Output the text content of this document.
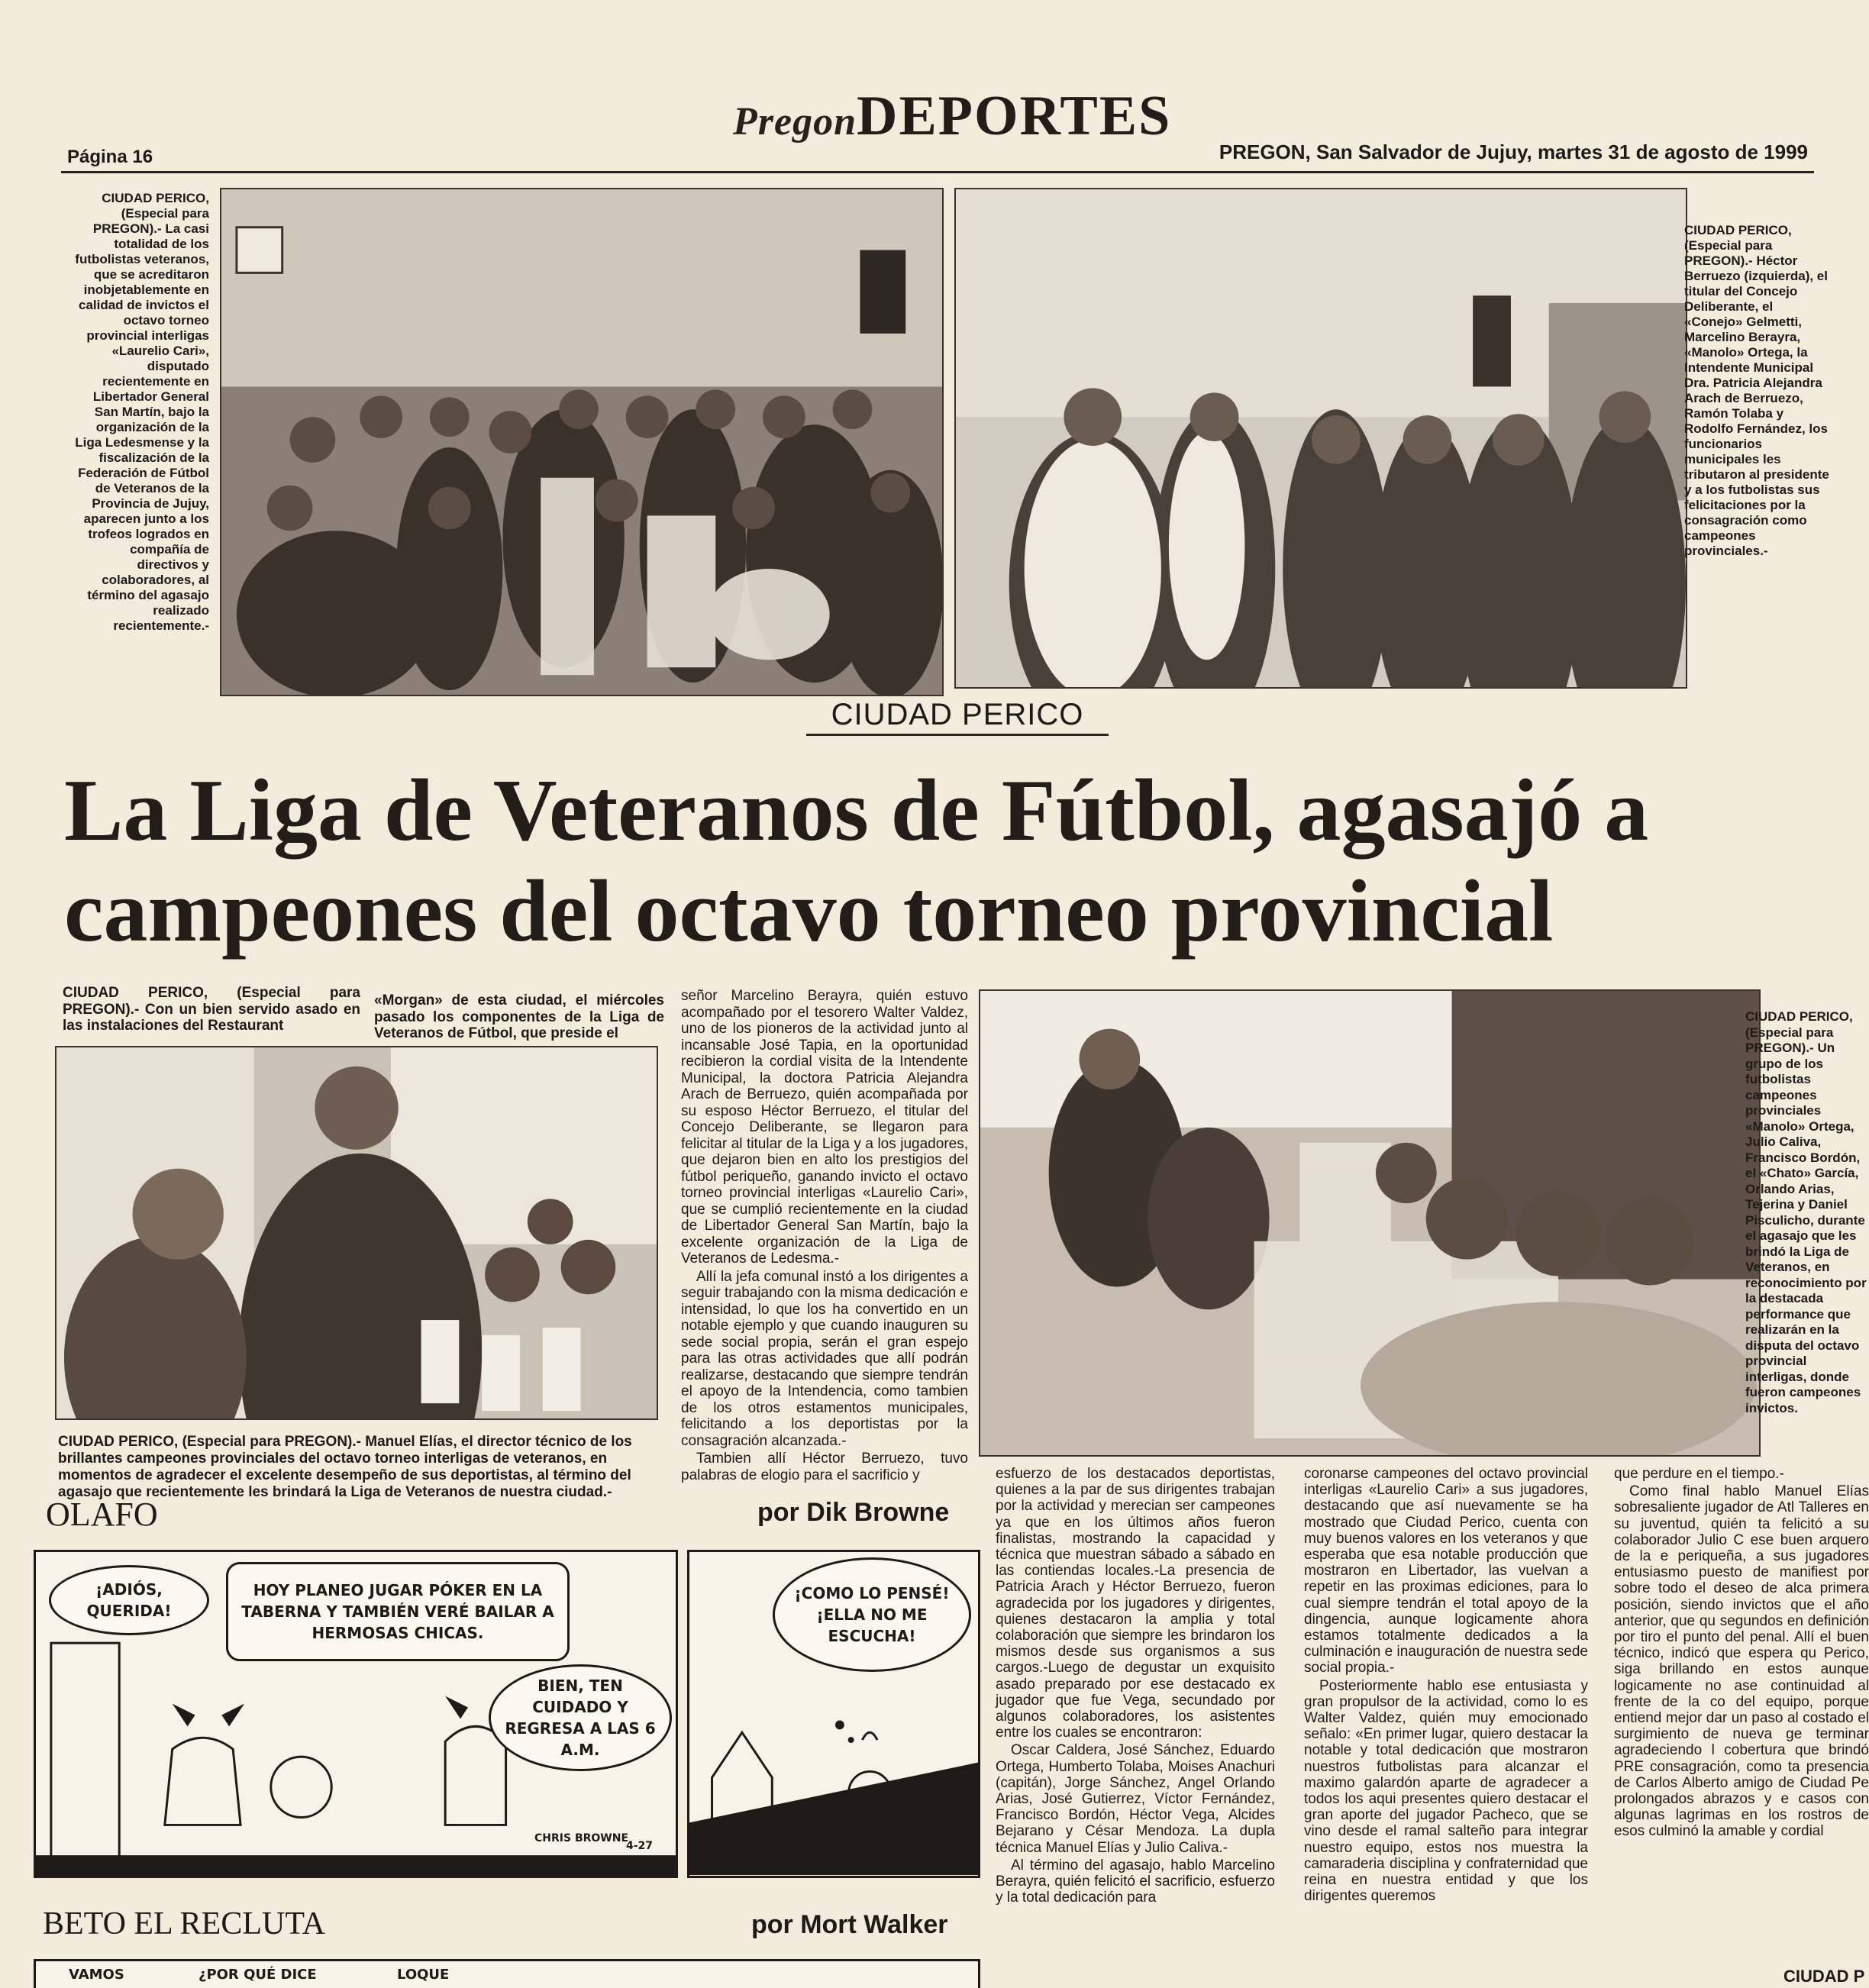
PregonDEPORTES
Página 16	PREGON, San Salvador de Jujuy, martes 31 de agosto de 1999
CIUDAD PERICO, (Especial para PREGON).- La casi totalidad de los futbolistas veteranos, que se acreditaron inobjetablemente en calidad de invictos el octavo torneo provincial interligas «Laurelio Cari», disputado recientemente en Libertador General San Martín, bajo la organización de la Liga Ledesmense y la fiscalización de la Federación de Fútbol de Veteranos de la Provincia de Jujuy, aparecen junto a los trofeos logrados en compañía de directivos y colaboradores, al término del agasajo realizado recientemente.-
CIUDAD PERICO, (Especial para PREGON).- Héctor Berruezo (izquierda), el titular del Concejo Deliberante, el «Conejo» Gelmetti, Marcelino Berayra, «Manolo» Ortega, la Intendente Municipal Dra. Patricia Alejandra Arach de Berruezo, Ramón Tolaba y Rodolfo Fernández, los funcionarios municipales les tributaron al presidente y a los futbolistas sus felicitaciones por la consagración como campeones provinciales.-
CIUDAD PERICO
La Liga de Veteranos de Fútbol, agasajó a campeones del octavo torneo provincial
CIUDAD PERICO, (Especial para PREGON).- Con un bien servido asado en las instalaciones del Restaurant
«Morgan» de esta ciudad, el miércoles pasado los componentes de la Liga de Veteranos de Fútbol, que preside el
CIUDAD PERICO, (Especial para PREGON).- Manuel Elías, el director técnico de los brillantes campeones provinciales del octavo torneo interligas de veteranos, en momentos de agradecer el excelente desempeño de sus deportistas, al término del agasajo que recientemente les brindará la Liga de Veteranos de nuestra ciudad.-

señor Marcelino Berayra, quién estuvo acompañado por el tesorero Walter Valdez, uno de los pioneros de la actividad junto al incansable José Tapia, en la oportunidad recibieron la cordial visita de la Intendente Municipal, la doctora Patricia Alejandra Arach de Berruezo, quién acompañada por su esposo Héctor Berruezo, el titular del Concejo Deliberante, se llegaron para felicitar al titular de la Liga y a los jugadores, que dejaron bien en alto los prestigios del fútbol periqueño, ganando invicto el octavo torneo provincial interligas «Laurelio Cari», que se cumplió recientemente en la ciudad de Libertador General San Martín, bajo la excelente organización de la Liga de Veteranos de Ledesma.-

Allí la jefa comunal instó a los dirigentes a seguir trabajando con la misma dedicación e intensidad, lo que los ha convertido en un notable ejemplo y que cuando inauguren su sede social propia, serán el gran espejo para las otras actividades que allí podrán realizarse, destacando que siempre tendrán el apoyo de la Intendencia, como tambien de los otros estamentos municipales, felicitando a los deportistas por la consagración alcanzada.-

Tambien allí Héctor Berruezo, tuvo palabras de elogio para el sacrificio y

CIUDAD PERICO, (Especial para PREGON).- Un grupo de los futbolistas campeones provinciales «Manolo» Ortega, Julio Caliva, Francisco Bordón, el «Chato» García, Orlando Arias, Tejerina y Daniel Pisculicho, durante el agasajo que les brindó la Liga de Veteranos, en reconocimiento por la destacada performance que realizarán en la disputa del octavo provincial interligas, donde fueron campeones invictos.

esfuerzo de los destacados deportistas, quienes a la par de sus dirigentes trabajan por la actividad y merecian ser campeones ya que en los últimos años fueron finalistas, mostrando la capacidad y técnica que muestran sábado a sábado en las contiendas locales.-La presencia de Patricia Arach y Héctor Berruezo, fueron agradecida por los jugadores y dirigentes, quienes destacaron la amplia y total colaboración que siempre les brindaron los mismos desde sus organismos a sus cargos.-Luego de degustar un exquisito asado preparado por ese destacado ex jugador que fue Vega, secundado por algunos colaboradores, los asistentes entre los cuales se encontraron:

Oscar Caldera, José Sánchez, Eduardo Ortega, Humberto Tolaba, Moises Anachuri (capitán), Jorge Sánchez, Angel Orlando Arias, José Gutierrez, Víctor Fernández, Francisco Bordón, Héctor Vega, Alcides Bejarano y César Mendoza. La dupla técnica Manuel Elías y Julio Caliva.-

Al término del agasajo, hablo Marcelino Berayra, quién felicitó el sacrificio, esfuerzo y la total dedicación para

coronarse campeones del octavo provincial interligas «Laurelio Cari» a sus jugadores, destacando que así nuevamente se ha mostrado que Ciudad Perico, cuenta con muy buenos valores en los veteranos y que esperaba que esa notable producción que mostraron en Libertador, las vuelvan a repetir en las proximas ediciones, para lo cual siempre tendrán el total apoyo de la dingencia, aunque logicamente ahora estamos totalmente dedicados a la culminación e inauguración de nuestra sede social propia.-

Posteriormente hablo ese entusiasta y gran propulsor de la actividad, como lo es Walter Valdez, quién muy emocionado señalo: «En primer lugar, quiero destacar la notable y total dedicación que mostraron nuestros futbolistas para alcanzar el maximo galardón aparte de agradecer a todos los aqui presentes quiero destacar el gran aporte del jugador Pacheco, que se vino desde el ramal salteño para integrar nuestro equipo, estos nos muestra la camaraderia disciplina y confraternidad que reina en nuestra entidad y que los dirigentes queremos

que perdure en el tiempo.-

Como final hablo Manuel Elías sobresaliente jugador de Atl Talleres en su juventud, quién ta felicitó a su colaborador Julio C ese buen arquero de la e periqueña, a sus jugadores entusiasmo puesto de manifiest por sobre todo el deseo de alca primera posición, siendo invictos que el año anterior, que qu segundos en definición por tiro el punto del penal. Allí el buen técnico, indicó que espera qu Perico, siga brillando en estos aunque logicamente no ase continuidad al frente de la co del equipo, porque entiend mejor dar un paso al costado el surgimiento de nueva ge terminar agradeciendo l cobertura que brindó PRE consagración, como ta presencia de Carlos Alberto amigo de Ciudad Pe prolongados abrazos y e casos con algunas lagrimas en los rostros de esos culminó la amable y cordial

OLAFO	por Dik Browne
¡ADIÓS, QUERIDA!
HOY PLANEO JUGAR PÓKER EN LA TABERNA Y TAMBIÉN VERÉ BAILAR A HERMOSAS CHICAS.
BIEN, TEN CUIDADO Y REGRESA A LAS 6 A.M.
CHRIS BROWNE
4-27
¡COMO LO PENSÉ! ¡ELLA NO ME ESCUCHA!
BETO EL RECLUTA	por Mort Walker
VAMOS	¿POR QUÉ DICE	LOQUE	CIUDAD P
